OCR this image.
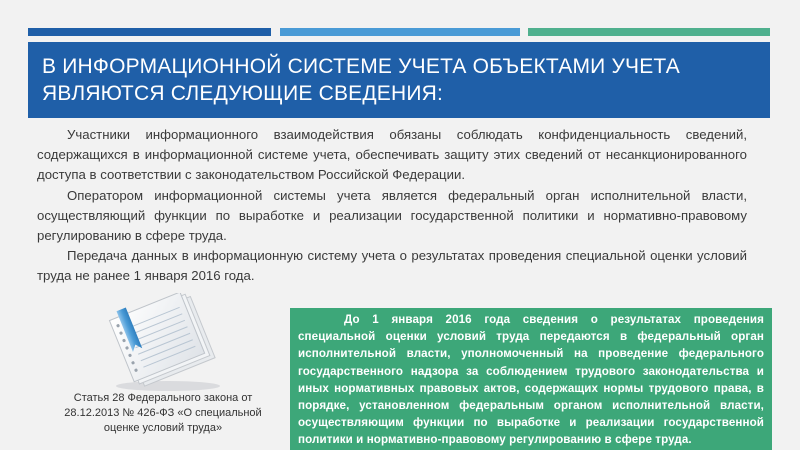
В ИНФОРМАЦИОННОЙ СИСТЕМЕ УЧЕТА ОБЪЕКТАМИ УЧЕТА
ЯВЛЯЮТСЯ СЛЕДУЮЩИЕ СВЕДЕНИЯ:

Участники информационного взаимодействия обязаны соблюдать конфиденциальность сведений, содержащихся в информационной системе учета, обеспечивать защиту этих сведений от несанкционированного доступа в соответствии с законодательством Российской Федерации.

Оператором информационной системы учета является федеральный орган исполнительной власти, осуществляющий функции по выработке и реализации государственной политики и нормативно-правовому регулированию в сфере труда.

Передача данных в информационную систему учета о результатах проведения специальной оценки условий труда не ранее 1 января 2016 года.

Статья 28 Федерального закона от 28.12.2013 № 426-ФЗ «О специальной оценке условий труда»

До 1 января 2016 года сведения о результатах проведения специальной оценки условий труда передаются в федеральный орган исполнительной власти, уполномоченный на проведение федерального государственного надзора за соблюдением трудового законодательства и иных нормативных правовых актов, содержащих нормы трудового права, в порядке, установленном федеральным органом исполнительной власти, осуществляющим функции по выработке и реализации государственной политики и нормативно-правовому регулированию в сфере труда.
